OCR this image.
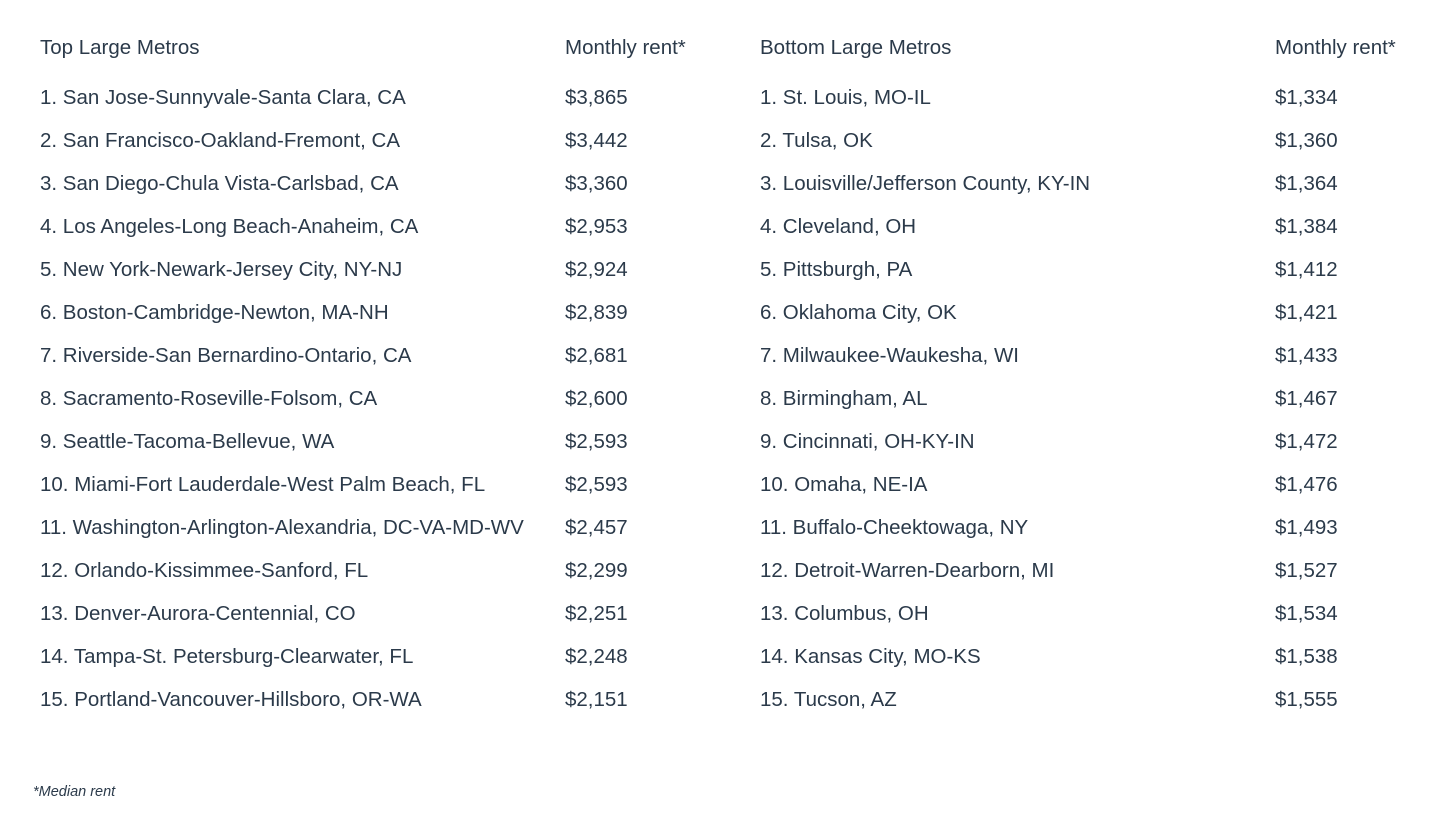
Top Large Metros	Monthly rent*	Bottom Large Metros	Monthly rent*
1. San Jose-Sunnyvale-Santa Clara, CA	$3,865	1. St. Louis, MO-IL	$1,334
2. San Francisco-Oakland-Fremont, CA	$3,442	2. Tulsa, OK	$1,360
3. San Diego-Chula Vista-Carlsbad, CA	$3,360	3. Louisville/Jefferson County, KY-IN	$1,364
4. Los Angeles-Long Beach-Anaheim, CA	$2,953	4. Cleveland, OH	$1,384
5. New York-Newark-Jersey City, NY-NJ	$2,924	5. Pittsburgh, PA	$1,412
6. Boston-Cambridge-Newton, MA-NH	$2,839	6. Oklahoma City, OK	$1,421
7. Riverside-San Bernardino-Ontario, CA	$2,681	7. Milwaukee-Waukesha, WI	$1,433
8. Sacramento-Roseville-Folsom, CA	$2,600	8. Birmingham, AL	$1,467
9. Seattle-Tacoma-Bellevue, WA	$2,593	9. Cincinnati, OH-KY-IN	$1,472
10. Miami-Fort Lauderdale-West Palm Beach, FL	$2,593	10. Omaha, NE-IA	$1,476
11. Washington-Arlington-Alexandria, DC-VA-MD-WV	$2,457	11. Buffalo-Cheektowaga, NY	$1,493
12. Orlando-Kissimmee-Sanford, FL	$2,299	12. Detroit-Warren-Dearborn, MI	$1,527
13. Denver-Aurora-Centennial, CO	$2,251	13. Columbus, OH	$1,534
14. Tampa-St. Petersburg-Clearwater, FL	$2,248	14. Kansas City, MO-KS	$1,538
15. Portland-Vancouver-Hillsboro, OR-WA	$2,151	15. Tucson, AZ	$1,555
*Median rent
